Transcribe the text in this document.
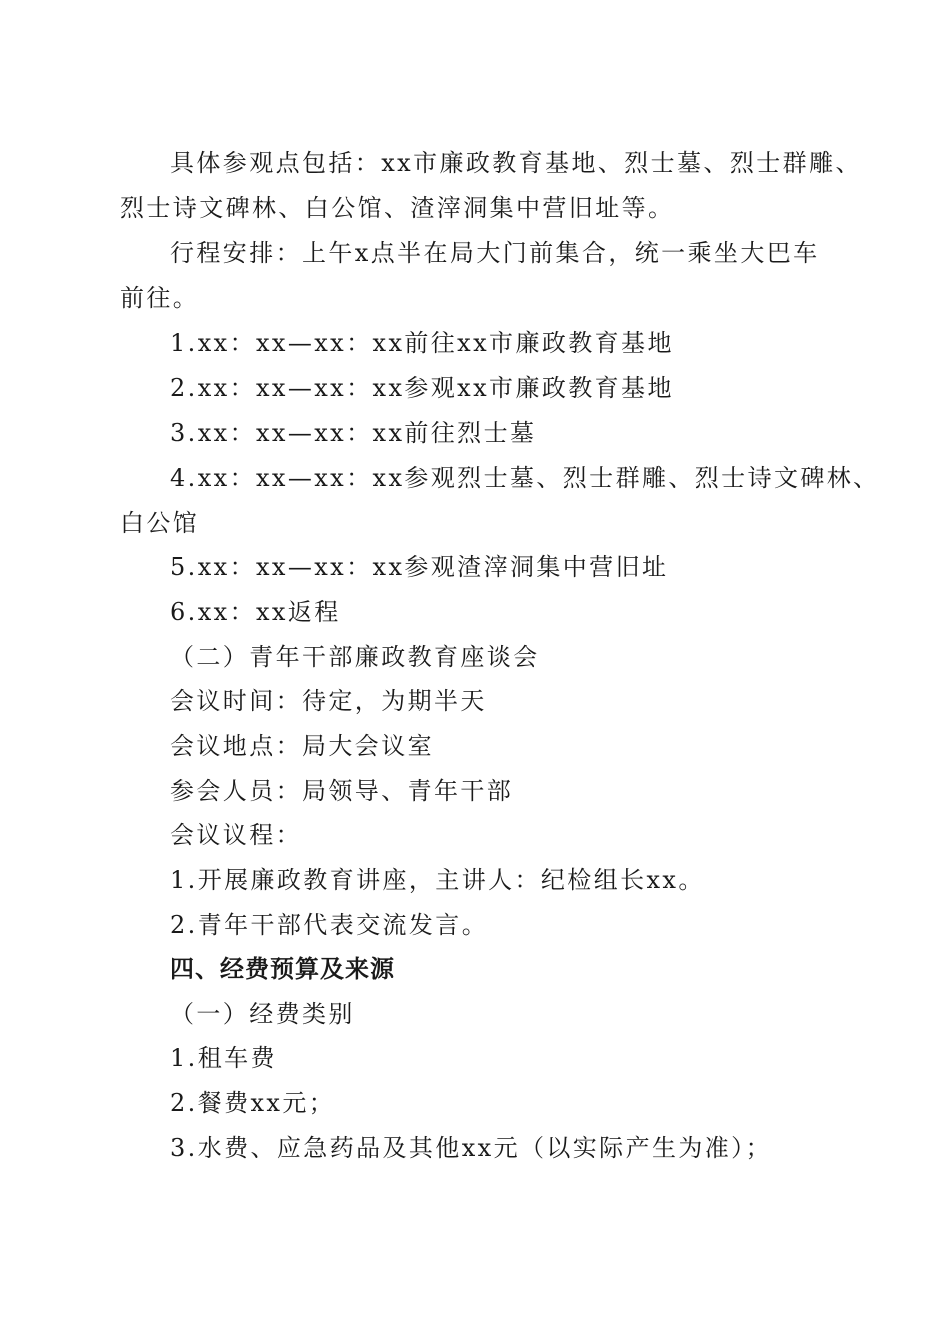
具体参观点包括：xx市廉政教育基地、烈士墓、烈士群雕、
烈士诗文碑林、白公馆、渣滓洞集中营旧址等。
行程安排：上午x点半在局大门前集合，统一乘坐大巴车
前往。
1.xx：xx—xx：xx前往xx市廉政教育基地
2.xx：xx—xx：xx参观xx市廉政教育基地
3.xx：xx—xx：xx前往烈士墓
4.xx：xx—xx：xx参观烈士墓、烈士群雕、烈士诗文碑林、
白公馆
5.xx：xx—xx：xx参观渣滓洞集中营旧址
6.xx：xx返程
（二）青年干部廉政教育座谈会
会议时间：待定，为期半天
会议地点：局大会议室
参会人员：局领导、青年干部
会议议程：
1.开展廉政教育讲座，主讲人：纪检组长xx。
2.青年干部代表交流发言。
四、经费预算及来源
（一）经费类别
1.租车费
2.餐费xx元；
3.水费、应急药品及其他xx元（以实际产生为准）；
